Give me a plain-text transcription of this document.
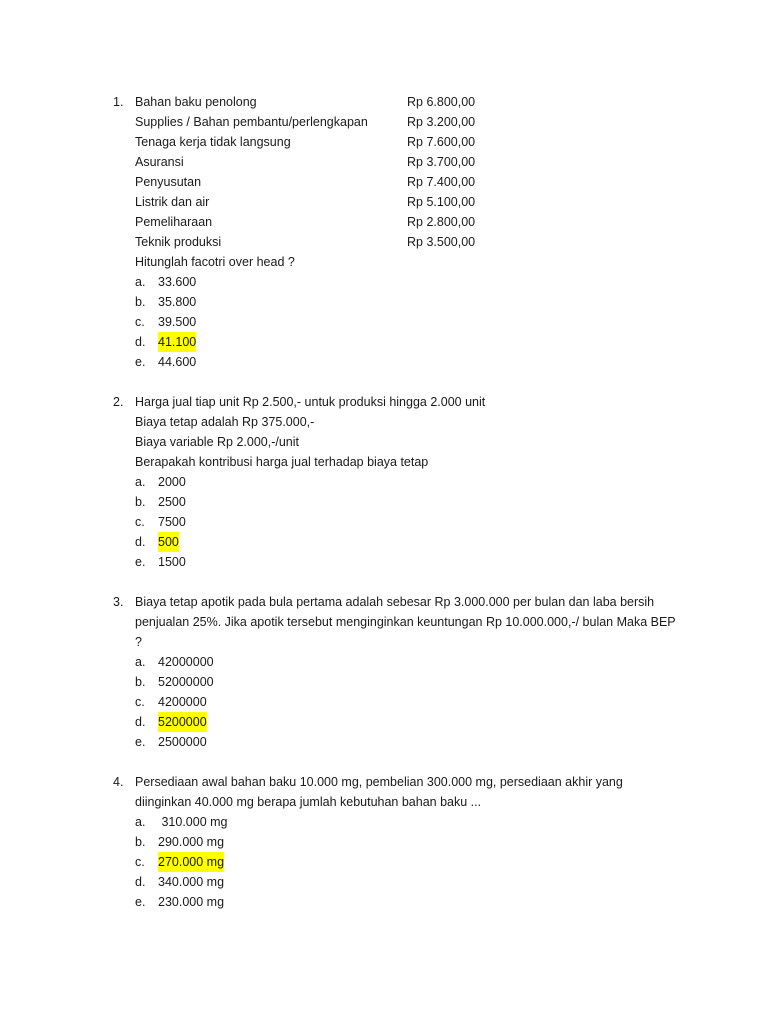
1. Bahan baku penolong	Rp 6.800,00
Supplies / Bahan pembantu/perlengkapan	Rp 3.200,00
Tenaga kerja tidak langsung	Rp 7.600,00
Asuransi	Rp 3.700,00
Penyusutan	Rp 7.400,00
Listrik dan air	Rp 5.100,00
Pemeliharaan	Rp 2.800,00
Teknik produksi	Rp 3.500,00
Hitunglah facotri over head ?
a. 33.600
b. 35.800
c. 39.500
d. 41.100
e. 44.600
2. Harga jual tiap unit Rp 2.500,- untuk produksi hingga 2.000 unit
Biaya tetap adalah Rp 375.000,-
Biaya variable Rp 2.000,-/unit
Berapakah kontribusi harga jual terhadap biaya tetap
a. 2000
b. 2500
c. 7500
d. 500
e. 1500
3. Biaya tetap apotik pada bula pertama adalah sebesar Rp 3.000.000 per bulan dan laba bersih
penjualan 25%. Jika apotik tersebut menginginkan keuntungan Rp 10.000.000,-/ bulan Maka BEP
?
a. 42000000
b. 52000000
c. 4200000
d. 5200000
e. 2500000
4. Persediaan awal bahan baku 10.000 mg, pembelian 300.000 mg, persediaan akhir yang
diinginkan 40.000 mg berapa jumlah kebutuhan bahan baku ...
a. 310.000 mg
b. 290.000 mg
c. 270.000 mg
d. 340.000 mg
e. 230.000 mg
